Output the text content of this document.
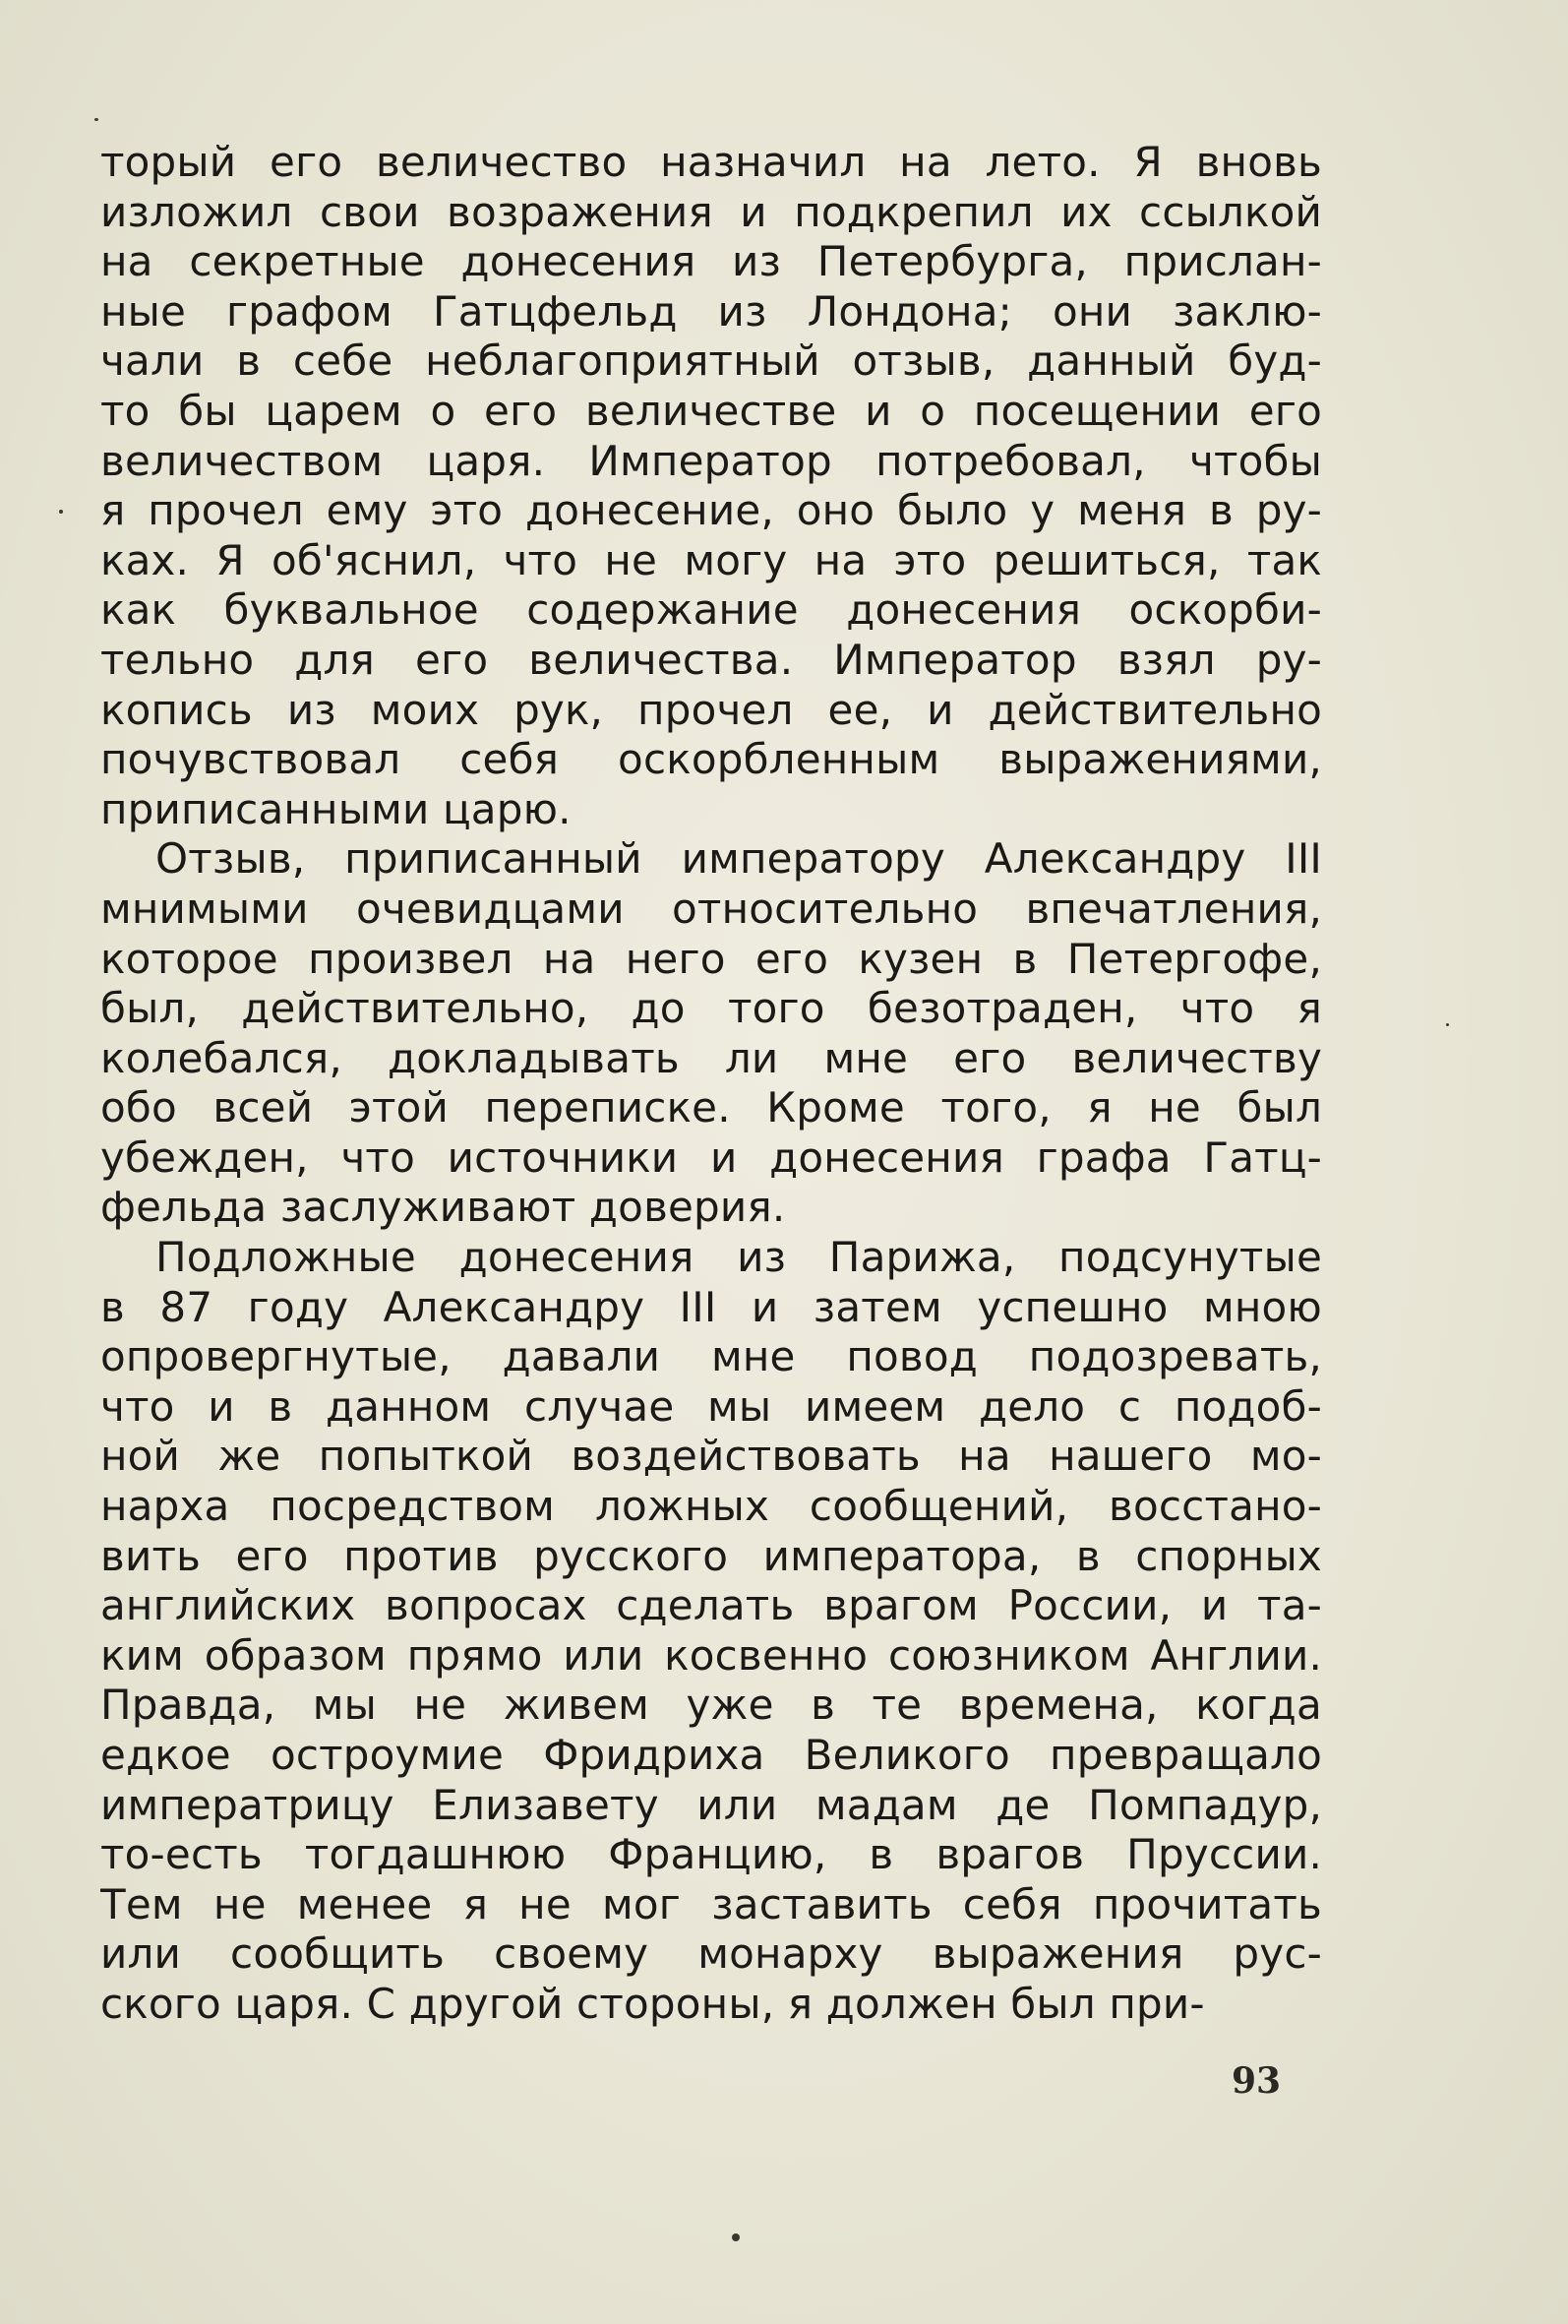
торый его величество назначил на лето. Я вновь
изложил свои возражения и подкрепил их ссылкой
на секретные донесения из Петербурга, прислан-
ные графом Гатцфельд из Лондона; они заклю-
чали в себе неблагоприятный отзыв, данный буд-
то бы царем о его величестве и о посещении его
величеством царя. Император потребовал, чтобы
я прочел ему это донесение, оно было у меня в ру-
ках. Я об'яснил, что не могу на это решиться, так
как буквальное содержание донесения оскорби-
тельно для его величества. Император взял ру-
копись из моих рук, прочел ее, и действительно
почувствовал себя оскорбленным выражениями,
приписанными царю.
Отзыв, приписанный императору Александру III
мнимыми очевидцами относительно впечатления,
которое произвел на него его кузен в Петергофе,
был, действительно, до того безотраден, что я
колебался, докладывать ли мне его величеству
обо всей этой переписке. Кроме того, я не был
убежден, что источники и донесения графа Гатц-
фельда заслуживают доверия.
Подложные донесения из Парижа, подсунутые
в 87 году Александру III и затем успешно мною
опровергнутые, давали мне повод подозревать,
что и в данном случае мы имеем дело с подоб-
ной же попыткой воздействовать на нашего мо-
нарха посредством ложных сообщений, восстано-
вить его против русского императора, в спорных
английских вопросах сделать врагом России, и та-
ким образом прямо или косвенно союзником Англии.
Правда, мы не живем уже в те времена, когда
едкое остроумие Фридриха Великого превращало
императрицу Елизавету или мадам де Помпадур,
то-есть тогдашнюю Францию, в врагов Пруссии.
Тем не менее я не мог заставить себя прочитать
или сообщить своему монарху выражения рус-
ского царя. С другой стороны, я должен был при-
93
